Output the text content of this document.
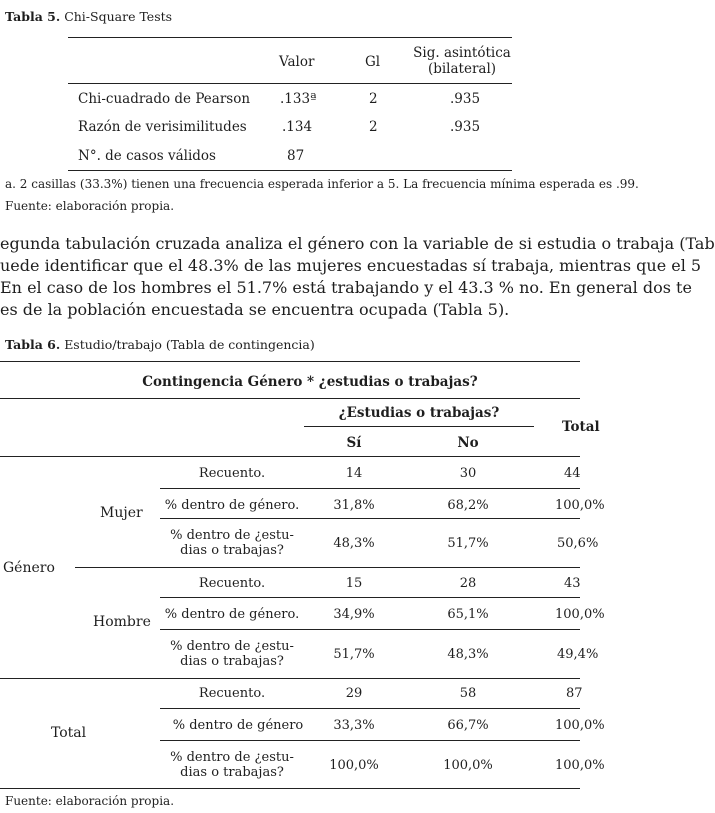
Tabla 5. Chi-Square Tests
Valor	Gl
Sig. asintótica
(bilateral)
Chi-cuadrado de Pearson .133ª	2	.935
Razón de verisimilitudes	.134	2	.935
N°. de casos válidos	87
a. 2 casillas (33.3%) tienen una frecuencia esperada inferior a 5. La frecuencia mínima esperada es .99.
Fuente: elaboración propia.
egunda tabulación cruzada analiza el género con la variable de si estudia o trabaja (Tab
uede identificar que el 48.3% de las mujeres encuestadas sí trabaja, mientras que el 5
En el caso de los hombres el 51.7% está trabajando y el 43.3 % no. En general dos te
es de la población encuestada se encuentra ocupada (Tabla 5).
Tabla 6. Estudio/trabajo (Tabla de contingencia)
Contingencia Género * ¿estudias o trabajas?
¿Estudias o trabajas?
Sí	No
Total
Género
Mujer
Recuento.	14	30	44
% dentro de género.	31,8%	68,2%	100,0%
% dentro de ¿estu-
dias o trabajas?	48,3%	51,7%	50,6%
Hombre
Recuento.	15	28	43
% dentro de género.	34,9%	65,1%	100,0%
% dentro de ¿estu-
dias o trabajas?	51,7%	48,3%	49,4%
Total
Recuento.	29	58	87
% dentro de género	33,3%	66,7%	100,0%
% dentro de ¿estu-
dias o trabajas?	100,0%	100,0%	100,0%
Fuente: elaboración propia.
